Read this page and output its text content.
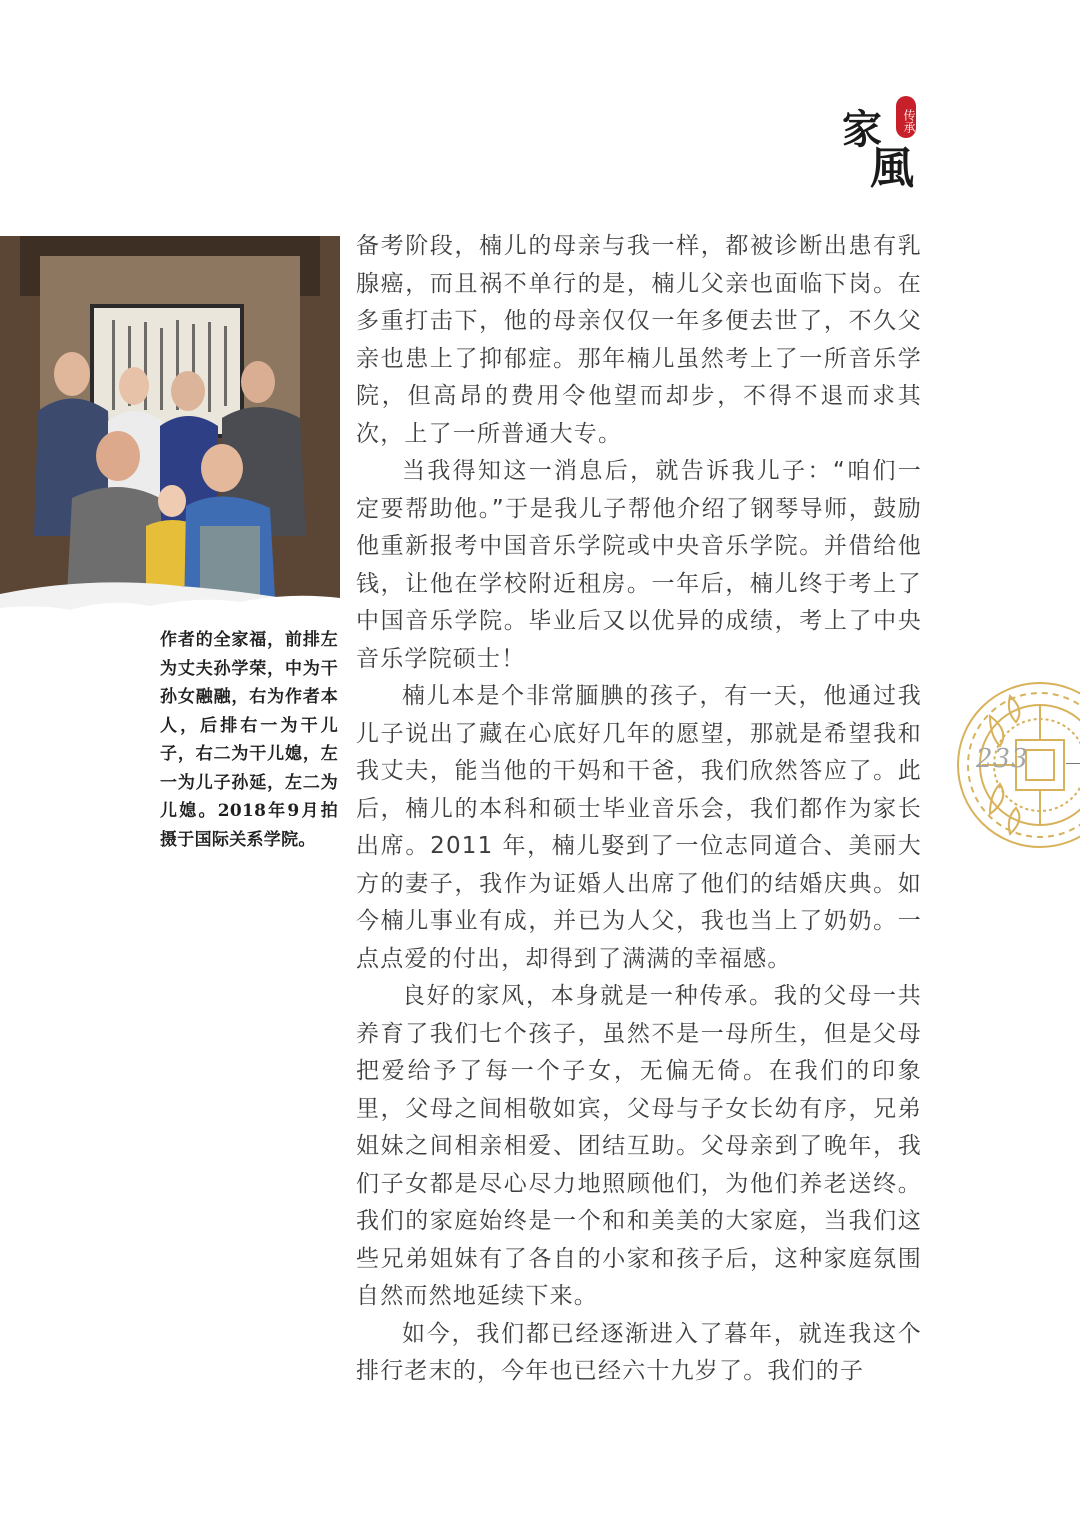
家
風
传承
作者的全家福，前排左为丈夫孙学荣，中为干孙女融融，右为作者本人，后排右一为干儿子，右二为干儿媳，左一为儿子孙延，左二为儿媳。2018年9月拍摄于国际关系学院。

备考阶段，楠儿的母亲与我一样，都被诊断出患有乳腺癌，而且祸不单行的是，楠儿父亲也面临下岗。在多重打击下，他的母亲仅仅一年多便去世了，不久父亲也患上了抑郁症。那年楠儿虽然考上了一所音乐学院，但高昂的费用令他望而却步，不得不退而求其次，上了一所普通大专。

当我得知这一消息后，就告诉我儿子：“咱们一定要帮助他。”于是我儿子帮他介绍了钢琴导师，鼓励他重新报考中国音乐学院或中央音乐学院。并借给他钱，让他在学校附近租房。一年后，楠儿终于考上了中国音乐学院。毕业后又以优异的成绩，考上了中央音乐学院硕士！

楠儿本是个非常腼腆的孩子，有一天，他通过我儿子说出了藏在心底好几年的愿望，那就是希望我和我丈夫，能当他的干妈和干爸，我们欣然答应了。此后，楠儿的本科和硕士毕业音乐会，我们都作为家长出席。2011 年，楠儿娶到了一位志同道合、美丽大方的妻子，我作为证婚人出席了他们的结婚庆典。如今楠儿事业有成，并已为人父，我也当上了奶奶。一点点爱的付出，却得到了满满的幸福感。

良好的家风，本身就是一种传承。我的父母一共养育了我们七个孩子，虽然不是一母所生，但是父母把爱给予了每一个子女，无偏无倚。在我们的印象里，父母之间相敬如宾，父母与子女长幼有序，兄弟姐妹之间相亲相爱、团结互助。父母亲到了晚年，我们子女都是尽心尽力地照顾他们，为他们养老送终。我们的家庭始终是一个和和美美的大家庭，当我们这些兄弟姐妹有了各自的小家和孩子后，这种家庭氛围自然而然地延续下来。

如今，我们都已经逐渐进入了暮年，就连我这个排行老末的，今年也已经六十九岁了。我们的子

233
